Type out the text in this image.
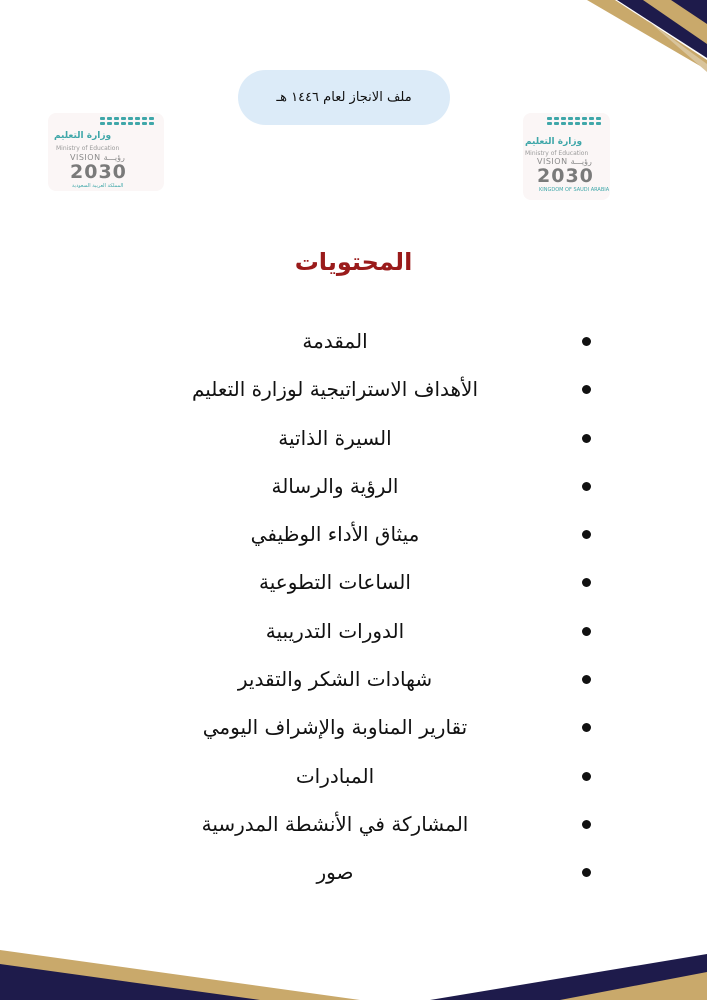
ملف الانجاز لعام ١٤٤٦ هـ
وزارة التعليم
Ministry of Education
VISION رؤيـــة
2030
المملكة العربية السعودية
وزارة التعليم
Ministry of Education
VISION رؤيـــة
2030
KINGDOM OF SAUDI ARABIA
المحتويات
المقدمة
الأهداف الاستراتيجية لوزارة التعليم
السيرة الذاتية
الرؤية والرسالة
ميثاق الأداء الوظيفي
الساعات التطوعية
الدورات التدريبية
شهادات الشكر والتقدير
تقارير المناوبة والإشراف اليومي
المبادرات
المشاركة في الأنشطة المدرسية
صور
